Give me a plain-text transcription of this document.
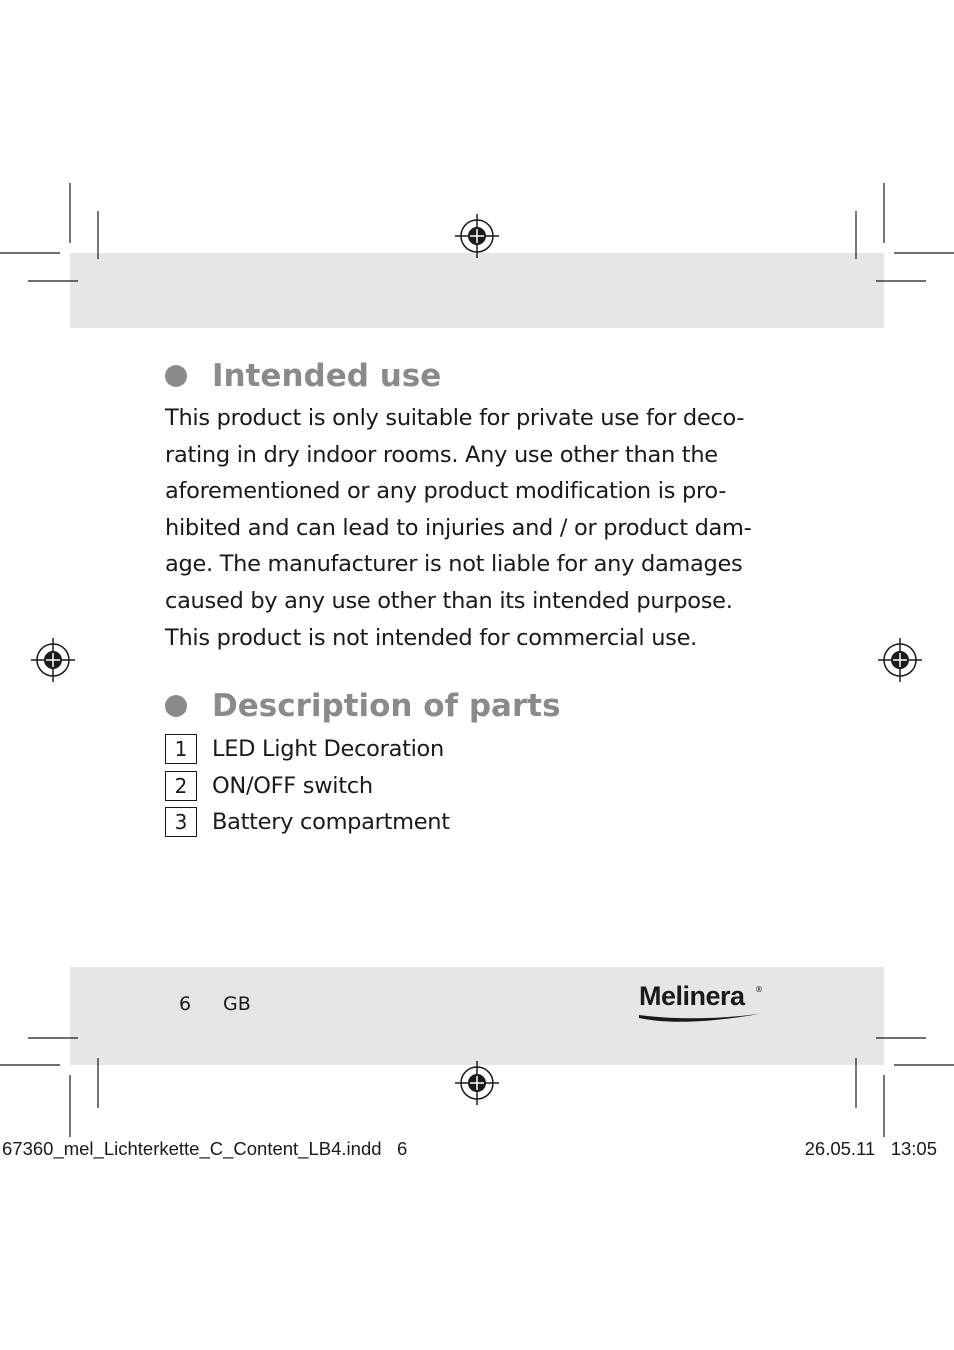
Intended use

This product is only suitable for private use for deco-
rating in dry indoor rooms. Any use other than the
aforementioned or any product modification is pro-
hibited and can lead to injuries and / or product dam-
age. The manufacturer is not liable for any damages
caused by any use other than its intended purpose.
This product is not intended for commercial use.

Description of parts
1	LED Light Decoration
2	ON/OFF switch
3	Battery compartment
6 GB	Melinera ®
67360_mel_Lichterkette_C_Content_LB4.indd   6	26.05.11   13:05
